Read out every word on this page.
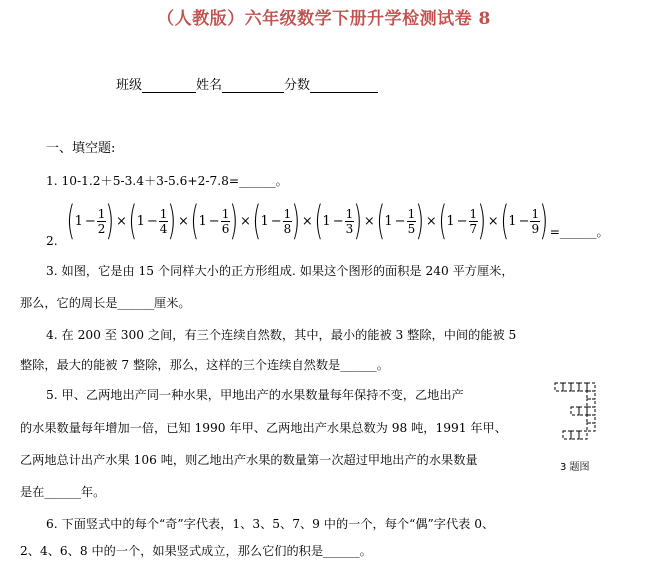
（人教版）六年级数学下册升学检测试卷 8
班级	姓名	分数
一、填空题:
1. 10-1.2＋5-3.4＋3-5.6+2-7.8=______。
2. ( $1 - \frac{1}{2}$ ) × ( $1 - \frac{1}{4}$ ) × ( $1 - \frac{1}{6}$ ) × ( $1 - \frac{1}{8}$ ) × ( $1 - \frac{1}{3}$ ) × ( $1 - \frac{1}{5}$ ) × ( $1 - \frac{1}{7}$ ) × ( $1 - \frac{1}{9}$ ) =______。
3. 如图，它是由 15 个同样大小的正方形组成. 如果这个图形的面积是 240 平方厘米，
那么，它的周长是______厘米。
4. 在 200 至 300 之间，有三个连续自然数，其中，最小的能被 3 整除，中间的能被 5
整除，最大的能被 7 整除，那么，这样的三个连续自然数是______。
5. 甲、乙两地出产同一种水果，甲地出产的水果数量每年保持不变，乙地出产
的水果数量每年增加一倍，已知 1990 年甲、乙两地出产水果总数为 98 吨，1991 年甲、
乙两地总计出产水果 106 吨，则乙地出产水果的数量第一次超过甲地出产的水果数量
是在______年。
6. 下面竖式中的每个“奇”字代表，1、3、5、7、9 中的一个，每个“偶”字代表 0、
2、4、6、8 中的一个，如果竖式成立，那么它们的积是______。
3 题图
